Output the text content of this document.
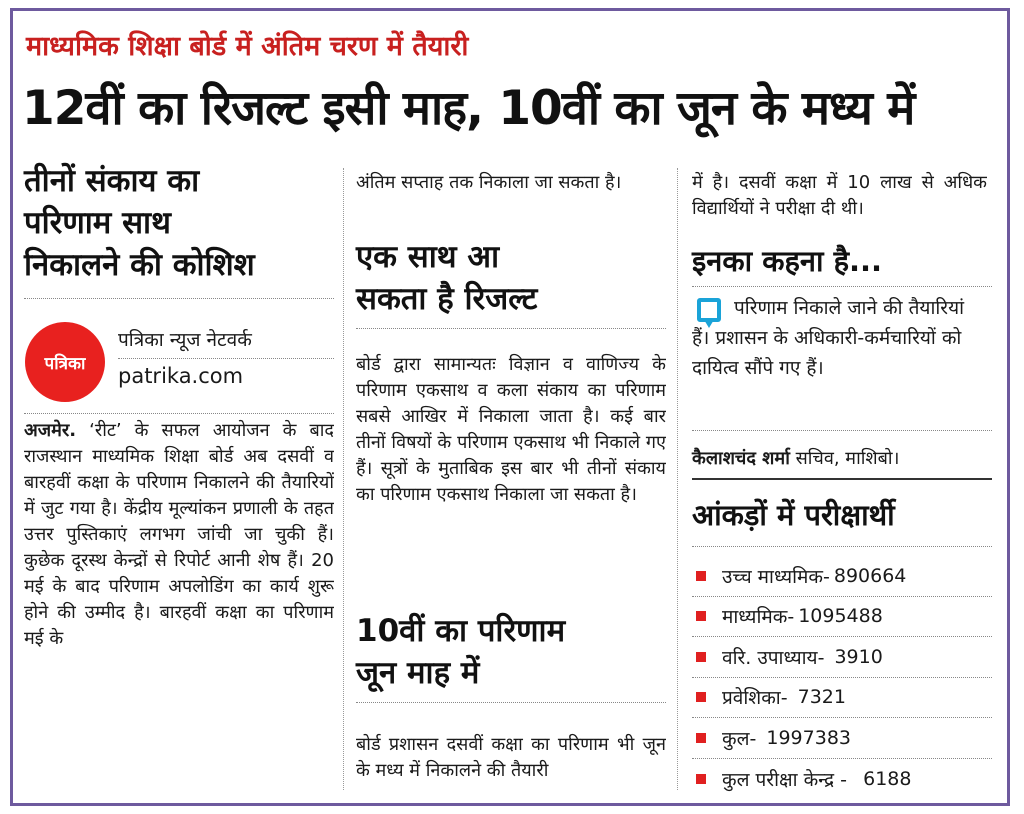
माध्यमिक शिक्षा बोर्ड में अंतिम चरण में तैयारी
12वीं का रिजल्ट इसी माह, 10वीं का जून के मध्य में
तीनों संकाय का
परिणाम साथ
निकालने की कोशिश
पत्रिका
पत्रिका न्यूज नेटवर्क
patrika.com

अजमेर. ‘रीट’ के सफल आयोजन के बाद राजस्थान माध्यमिक शिक्षा बोर्ड अब दसवीं व बारहवीं कक्षा के परिणाम निकालने की तैयारियों में जुट गया है। केंद्रीय मूल्यांकन प्रणाली के तहत उत्तर पुस्तिकाएं लगभग जांची जा चुकी हैं। कुछेक दूरस्थ केन्द्रों से रिपोर्ट आनी शेष हैं। 20 मई के बाद परिणाम अपलोडिंग का कार्य शुरू होने की उम्मीद है। बारहवीं कक्षा का परिणाम मई के

अंतिम सप्ताह तक निकाला जा सकता है।

एक साथ आ
सकता है रिजल्ट

बोर्ड द्वारा सामान्यतः विज्ञान व वाणिज्य के परिणाम एकसाथ व कला संकाय का परिणाम सबसे आखिर में निकाला जाता है। कई बार तीनों विषयों के परिणाम एकसाथ भी निकाले गए हैं। सूत्रों के मुताबिक इस बार भी तीनों संकाय का परिणाम एकसाथ निकाला जा सकता है।

10वीं का परिणाम
जून माह में

बोर्ड प्रशासन दसवीं कक्षा का परिणाम भी जून के मध्य में निकालने की तैयारी

में है। दसवीं कक्षा में 10 लाख से अधिक विद्यार्थियों ने परीक्षा दी थी।

इनका कहना है...
परिणाम निकाले जाने की तैयारियां हैं। प्रशासन के अधिकारी-कर्मचारियों को दायित्व सौंपे गए हैं।
कैलाशचंद शर्मा सचिव, माशिबो।
आंकड़ों में परीक्षार्थी
उच्च माध्यमिक- 890664
माध्यमिक- 1095488
वरि. उपाध्याय- 3910
प्रवेशिका- 7321
कुल- 1997383
कुल परीक्षा केन्द्र - 6188
